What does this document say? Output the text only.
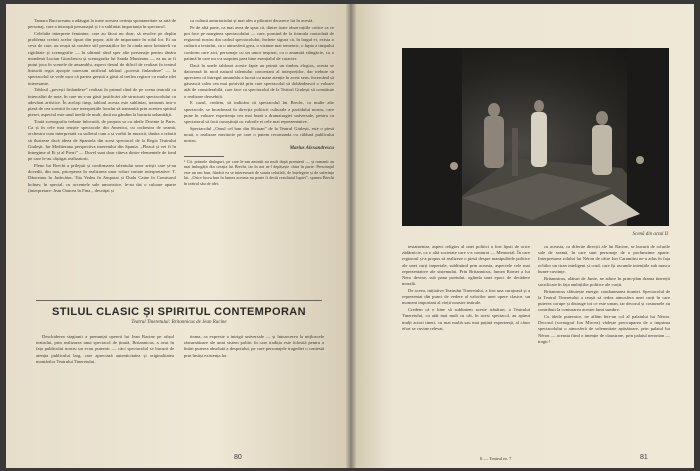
Tamara Buciuceanu a adăugat la toate acestea cerința spontaneitate sa artă de personaj, care a introspit personajul și i-a subliniat importanța în spectacol.

Celelalte interprete feminine, care au făcut nu doar, să resolve pe deplin problema creării acelor tipuri din popor, atât de importante în rolul lor. Ei au ceva de care, au reușit să confere stil prestațiilor lor în ciuda unor hoinăreli cu rigiditate și scenografie — în ultimul rând sper alte personaje pentru tânăra mondenă Lucian Giurchescu și scenografia lui Sanda Munteanu — ea nu ar fi putut juca în scenele de ansamblu, aspect destul de dificil de realizat în teatrul întrucât regia apropie oarecum artificial tabloul „povesti finlandeze” — la spectacolul se vede ușor că partea greșită a găsit al treilea regizor cu multe idei interesante.

Tabloul „povești finlandeze” realizat în primul rând de pe scena teatrală cu intercalări de note, în care nu s-au găsit justificări ale structurii spectacolului cu adevărat artistice. În acelaşi timp, tabloul acesta este subliniat, transmis intr-o piesă de cea scenică în care interprețiile locului să transmită prin acestea spiritul piesei, aspectul este unul inedit de mult, dacă nu gândim la bucuria urbanităţii.

Toată scenografia trebuie înlocuită, de propria sa cu ideile Dorinte la Paris. Ca și în cele mai reușite spectacole din America, cu orchestra de seamă, orchestra cum interpretată cu sufletul cum a și vorbit în muzică, tânăra a izbutit să ilustreze dacă ideea de Spaniola din acest spectacol de la Regia Teatrului Giulești. Iar Mediterana perspectiva tineretului din Spania. „Pleacă și vei fi în întregime al Ei și al Pierii” — Duvel sunt doar câteva dintre elementele de fond pe care le-au câștigat realizatorii.

Pleno lui Brecht a prilejuit și confirmarea talentului unor artiști care și-au dovedit, din nou, priceperea în realizarea unor roluri variate interpretative: T. Dănceanu în Judecător, Tita Vedea în Amputat și Dudu Caine în Comisarul bolnav, în special, cu accentele sale umoristice, le-au dat o culoare aparte (interpretare: Jean Oancea în Fina „ desvăţat și

ca cultură anturiaciului și mai ales a plăcutei deoarece lui în acestă.

Pe de altă parte, ca mai avea de spus că, dintre toate observațiile critice ca ce pot face pe marginea spectacolului — care, pornind de la formula controlată de regizorul nostru din cadrul spectacolului, încheie sigura că, în largul ei, exista o cultură a textului, cu o atmosferă grea, o viziune mai temeinic, o lupta a timpului conform care aici, personaje cu un umor inspirat, cu o anumită stângăcie, cu o patimă în care nu s-a surprins prea bine esențialul de caracter.

Dacă în unele tablouri aceste fapte au primit un timbru elogios, acesta se datorează în mod natural talentului concertant al interpreților, dar trebuie să apreciem că întregul ansamblu a lucrat cu mare atenție în acest sens, încercând să găsească calea cea mai potrivită prin care spectacolul să dobândească o valoare atât de considerabilă, care face ca spectacolul de la Teatrul Giulești să constituie o realizare deosebită.

E cazul, credem, să indicăm că spectacolul lui Brecht, ca multe alte spectacole, se încadrează în direcția politicii culturale a partidului nostru, care pune în valoare experiența cea mai bună a dramaturgiei universale, pentru ca spectatorul să facă cunoștință cu valorile ei cele mai reprezentative.

Spectacolul „Omul cel bun din Sîciuan” de la Teatrul Giulești, este o piesă nouă, o realizare meritorie pe care o putem recomanda cu căldură publicului nostru.

Marius Alexandrescu
¹ Cit. primele dialoguri, pe care le-am amintit au mult după premieră — și romanii au mai îmbogățit din creația lui Brecht, iar în noi ni-l depășește chiar în parte. Personajul este un om bun, fiindcă ea se interesează de soarta celuilalt, de înțelegere și de suferința lui. „Orice lucru bun în lumea aceasta nu poate fi decât rezultatul luptei”, spunea Brecht în teatrul său de idei.
STILUL CLASIC ȘI SPIRITUL CONTEMPORAN
Teatrul Tineretului: Britannicus de Jean Racine

Deschiderea stagiunii a prenunțat opereii lui Jean Racine pe afișul teatrului, prin realizarea unui spectacol de ținută, Britannicus, a avut în fața publicului nostru un ecou puternic — căci spectacolul se bucură de atenția publicului larg, care apreciază autenticitatea și originalitatea montărilor Teatrului Tineretului.

tirana, ca expresie a intrigii universale — și întoarcerea la mijloacele răsturnătoare ale unui sistem politic în care tradiția este folosită pentru a întări puterea absolută a despotului, pe care personajele tragediei o contestă prin însăși existența lor.

80
Scenă din actul II

testamentar, aspect religios al unei politici a fost lipsit de orice zădărnicie, ca o altă societate care s-a conturat — Memorial. În care regizorul și-a propus să realizeze o piesă despre manipulările politice ale unei curți imperiale, subliniind prin aceasta, aspectele cele mai reprezentative ale sistemului. Prin Britannicus, lumea Romei a lui Nero devine, sub pana poetului, oglinda unei epoci de decădere morală.

De aceea, inițiativa Teatrului Tineretului, a fost una curajoasă și a reprezentat din punct de vedere al valorilor unei opere clasice, un moment important al vieții noastre teatrale.

Credem că e bine să subliniem aceste trăsături, a Teatrului Tineretului, cu atât mai mult cu cât, în acest spectacol, au apărut mulți actori tineri, cu mai multă sau mai puțină experiență, al căror efort se cuvine relevat.

cu aceasta, ca diferite direcții ale lui Racine, se bucură de rolurile sale de seamă, în care sunt personaje de o profunzime aparte. Interpretarea rolului lui Néron de către Ion Caramitru ne-a adus în fața ochilor un tiran inteligent și crud, care își ascunde intențiile sub masca bunei-cuviințe.

Britannicus, alături de Junie, ne aduce în prim-plan drama tinereții sacrificate în fața ambițiilor politice ale curții.

Britannicus sfâtuiește energic condamnarea tiraniei. Spectacolul de la Teatrul Tineretului a reușit să redea atmosfera unei curți în care puterea corupe și distruge tot ce este uman, iar decorul și costumele au contribuit la conturarea acestei lumi sumbre.

Cu ideile puternice, ne aflăm într-un col al palatului lui Néron. Decorul (scenograf Ion Mircea) vădește preocuparea de a imprima spectacolului o atmosferă de solemnitate apăsătoare, prin palatul lui Néron — aceasta fiind o intenție de claustrare, prin palatul neronian — tragic!

6 — Teatrul nr. 7	81
